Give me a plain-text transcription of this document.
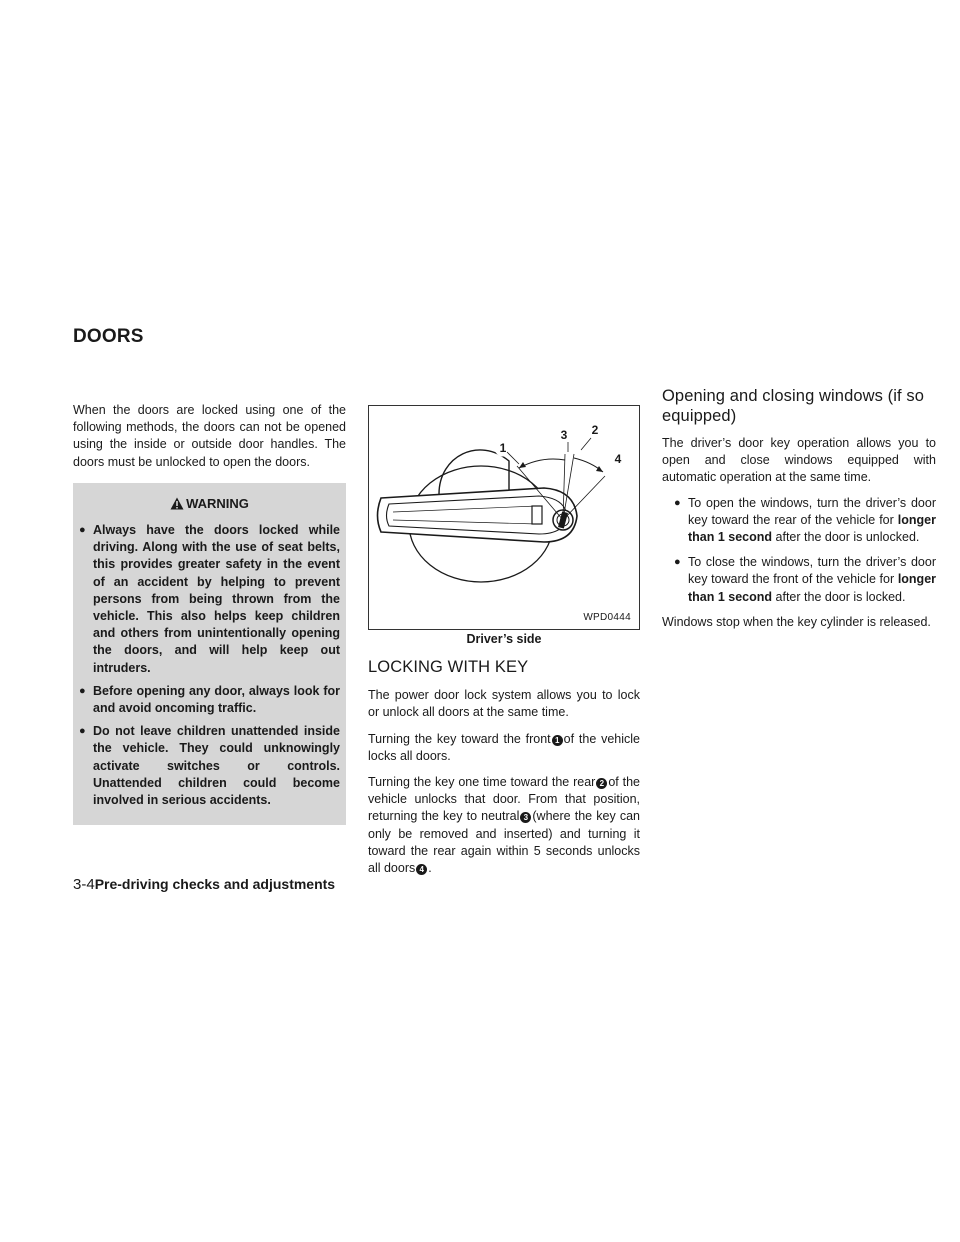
DOORS

When the doors are locked using one of the following methods, the doors can not be opened using the inside or outside door handles. The doors must be unlocked to open the doors.

WARNING
● Always have the doors locked while driving. Along with the use of seat belts, this provides greater safety in the event of an accident by helping to prevent persons from being thrown from the vehicle. This also helps keep children and others from unintentionally opening the doors, and will help keep out intruders.
● Before opening any door, always look for and avoid oncoming traffic.
● Do not leave children unattended inside the vehicle. They could unknowingly activate switches or controls. Unattended children could become involved in serious accidents.
1
3 2
4
WPD0444
Driver’s side
LOCKING WITH KEY

The power door lock system allows you to lock or unlock all doors at the same time.

Turning the key toward the front 1 of the vehicle locks all doors.

Turning the key one time toward the rear 2 of the vehicle unlocks that door. From that position, returning the key to neutral 3 (where the key can only be removed and inserted) and turning it toward the rear again within 5 seconds unlocks all doors 4 .

Opening and closing windows (if so equipped)

The driver’s door key operation allows you to open and close windows equipped with automatic operation at the same time.

● To open the windows, turn the driver’s door key toward the rear of the vehicle for longer than 1 second after the door is unlocked.
● To close the windows, turn the driver’s door key toward the front of the vehicle for longer than 1 second after the door is locked.

Windows stop when the key cylinder is released.

3-4Pre-driving checks and adjustments
